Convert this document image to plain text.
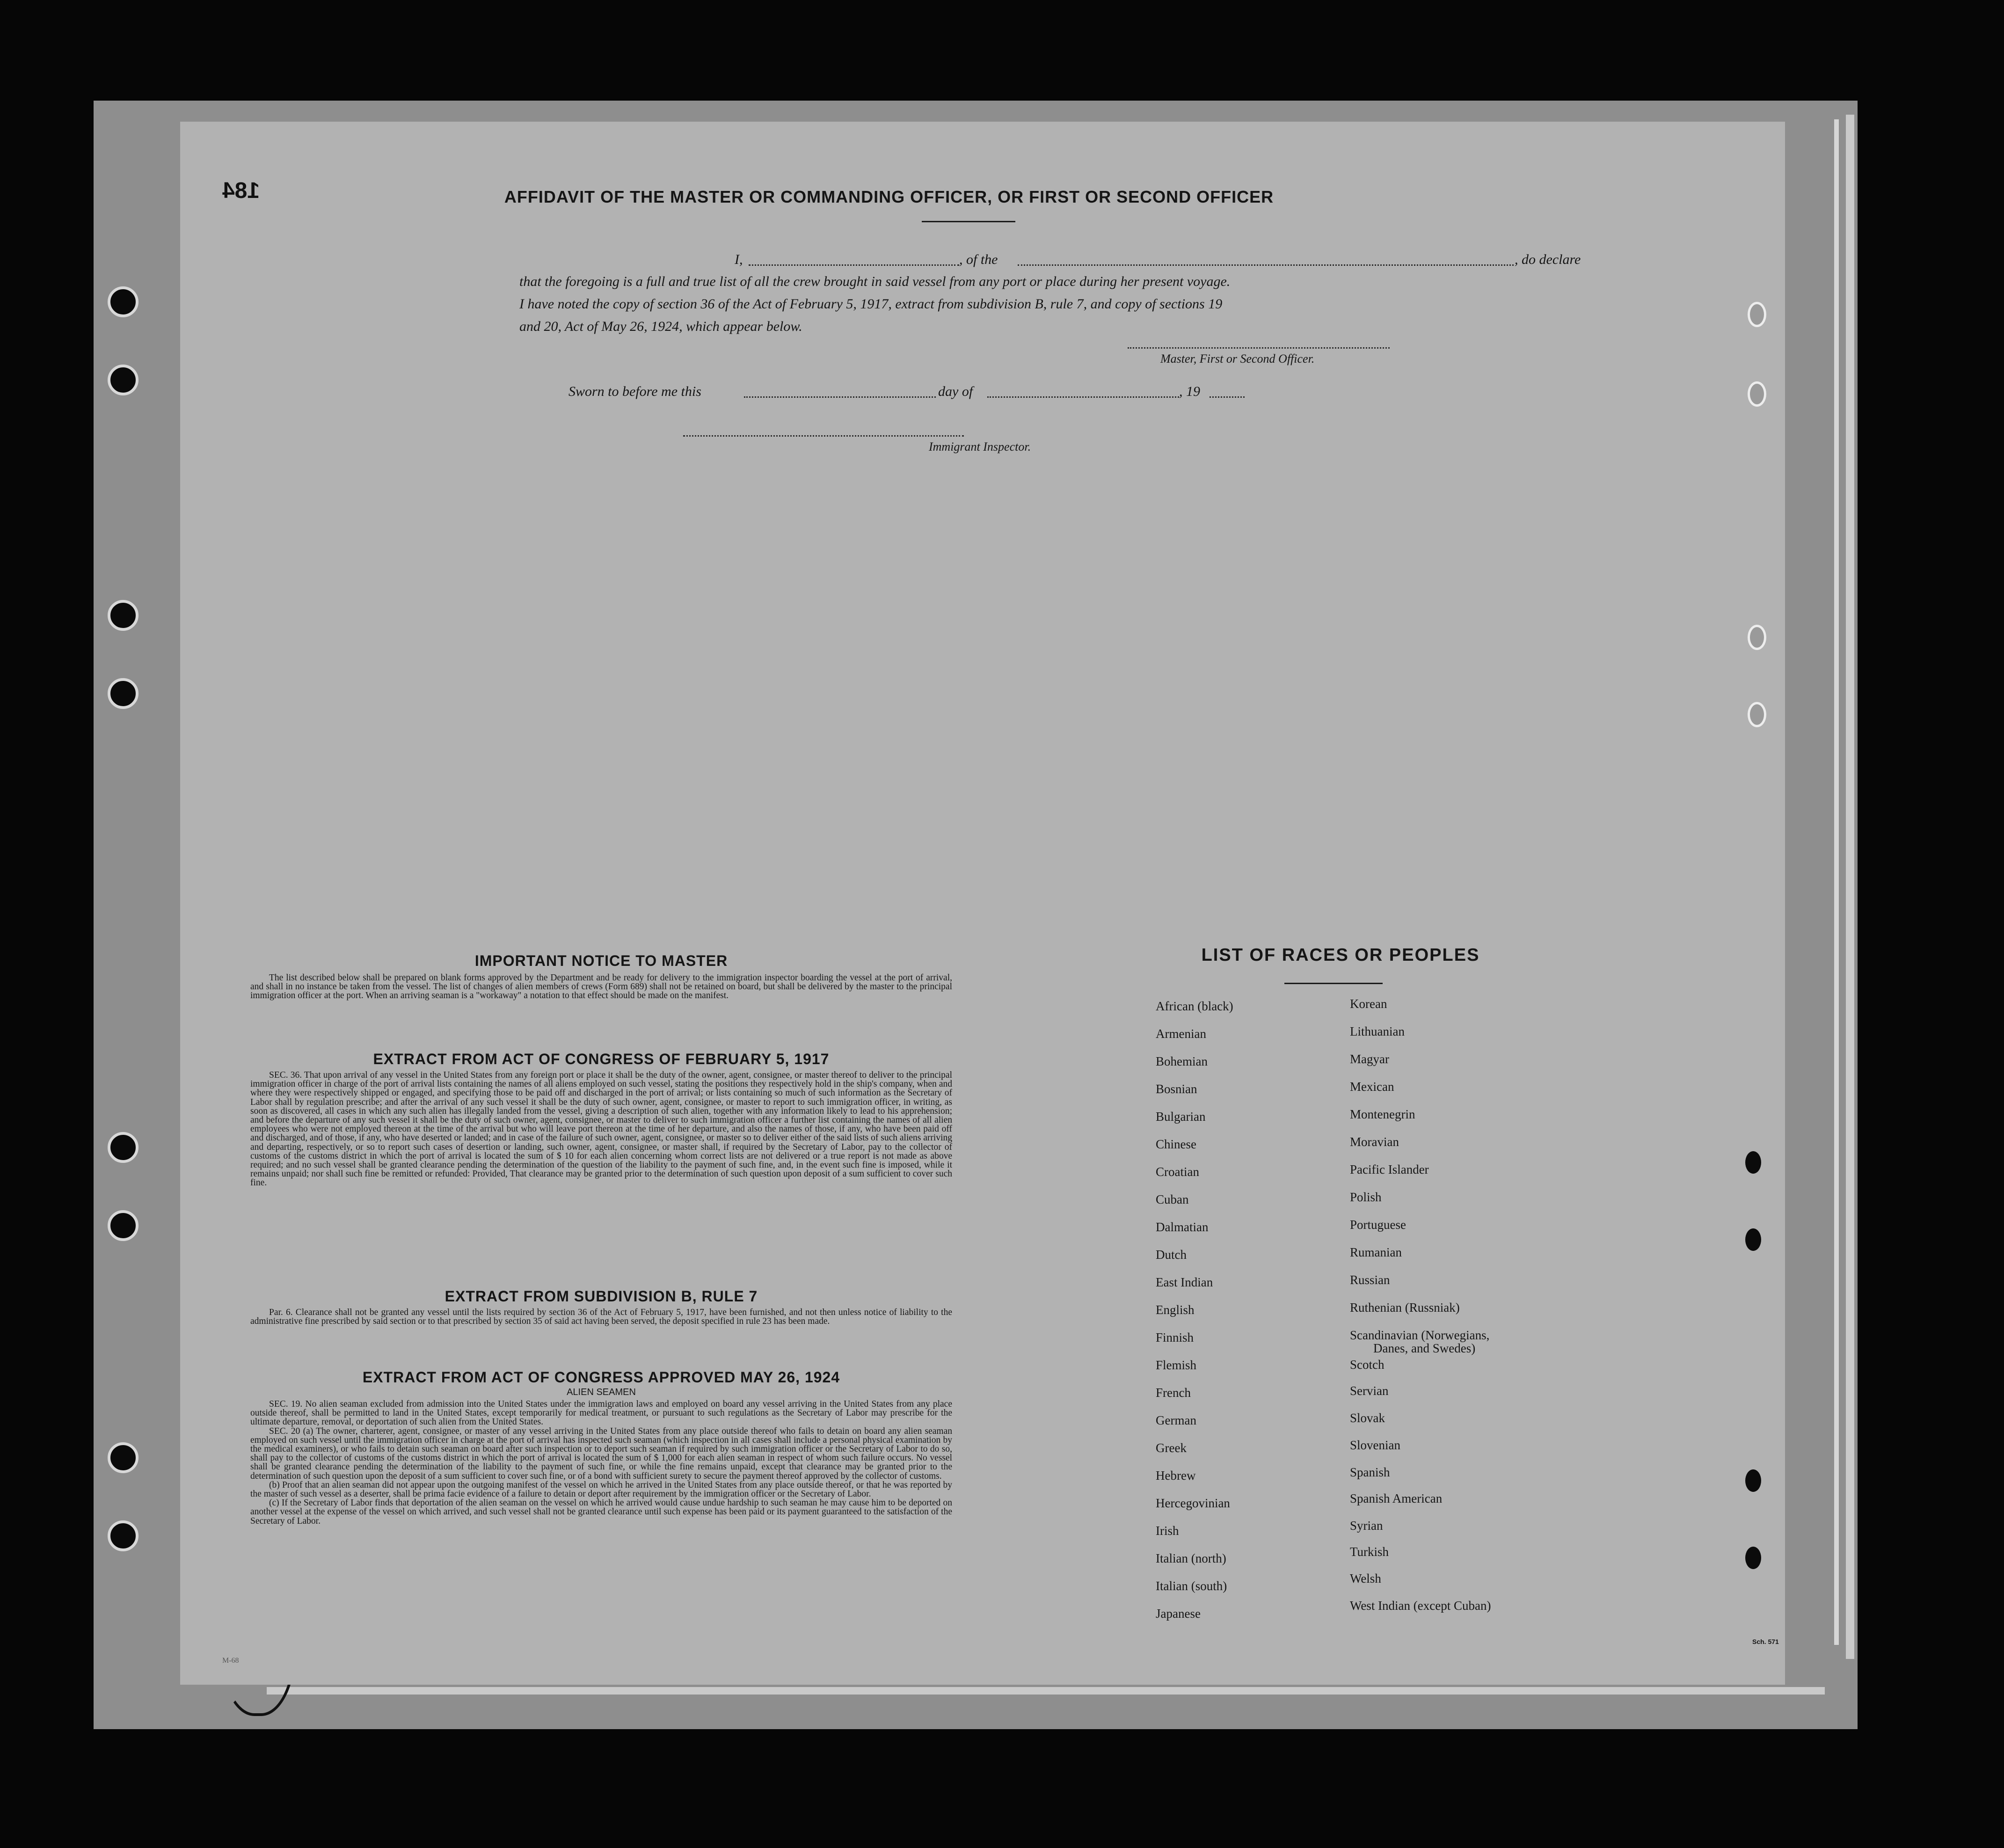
184	AFFIDAVIT OF THE MASTER OR COMMANDING OFFICER, OR FIRST OR SECOND OFFICER
I,	, of the	, do declare
that the foregoing is a full and true list of all the crew brought in said vessel from any port or place during her present voyage.
I have noted the copy of section 36 of the Act of February 5, 1917, extract from subdivision B, rule 7, and copy of sections 19
and 20, Act of May 26, 1924, which appear below.
Master, First or Second Officer.
Sworn to before me this	day of	, 19
Immigrant Inspector.
IMPORTANT NOTICE TO MASTER

The list described below shall be prepared on blank forms approved by the Department and be ready for delivery to the immigration inspector boarding the vessel at the port of arrival, and shall in no instance be taken from the vessel. The list of changes of alien members of crews (Form 689) shall not be retained on board, but shall be delivered by the master to the principal immigration officer at the port. When an arriving seaman is a "workaway" a notation to that effect should be made on the manifest.

EXTRACT FROM ACT OF CONGRESS OF FEBRUARY 5, 1917

SEC. 36. That upon arrival of any vessel in the United States from any foreign port or place it shall be the duty of the owner, agent, consignee, or master thereof to deliver to the principal immigration officer in charge of the port of arrival lists containing the names of all aliens employed on such vessel, stating the positions they respectively hold in the ship's company, when and where they were respectively shipped or engaged, and specifying those to be paid off and discharged in the port of arrival; or lists containing so much of such information as the Secretary of Labor shall by regulation prescribe; and after the arrival of any such vessel it shall be the duty of such owner, agent, consignee, or master to report to such immigration officer, in writing, as soon as discovered, all cases in which any such alien has illegally landed from the vessel, giving a description of such alien, together with any information likely to lead to his apprehension; and before the departure of any such vessel it shall be the duty of such owner, agent, consignee, or master to deliver to such immigration officer a further list containing the names of all alien employees who were not employed thereon at the time of the arrival but who will leave port thereon at the time of her departure, and also the names of those, if any, who have been paid off and discharged, and of those, if any, who have deserted or landed; and in case of the failure of such owner, agent, consignee, or master so to deliver either of the said lists of such aliens arriving and departing, respectively, or so to report such cases of desertion or landing, such owner, agent, consignee, or master shall, if required by the Secretary of Labor, pay to the collector of customs of the customs district in which the port of arrival is located the sum of $ 10 for each alien concerning whom correct lists are not delivered or a true report is not made as above required; and no such vessel shall be granted clearance pending the determination of the question of the liability to the payment of such fine, and, in the event such fine is imposed, while it remains unpaid; nor shall such fine be remitted or refunded: Provided, That clearance may be granted prior to the determination of such question upon deposit of a sum sufficient to cover such fine.

EXTRACT FROM SUBDIVISION B, RULE 7

Par. 6. Clearance shall not be granted any vessel until the lists required by section 36 of the Act of February 5, 1917, have been furnished, and not then unless notice of liability to the administrative fine prescribed by said section or to that prescribed by section 35 of said act having been served, the deposit specified in rule 23 has been made.

EXTRACT FROM ACT OF CONGRESS APPROVED MAY 26, 1924
ALIEN SEAMEN

SEC. 19. No alien seaman excluded from admission into the United States under the immigration laws and employed on board any vessel arriving in the United States from any place outside thereof, shall be permitted to land in the United States, except temporarily for medical treatment, or pursuant to such regulations as the Secretary of Labor may prescribe for the ultimate departure, removal, or deportation of such alien from the United States.

SEC. 20 (a) The owner, charterer, agent, consignee, or master of any vessel arriving in the United States from any place outside thereof who fails to detain on board any alien seaman employed on such vessel until the immigration officer in charge at the port of arrival has inspected such seaman (which inspection in all cases shall include a personal physical examination by the medical examiners), or who fails to detain such seaman on board after such inspection or to deport such seaman if required by such immigration officer or the Secretary of Labor to do so, shall pay to the collector of customs of the customs district in which the port of arrival is located the sum of $ 1,000 for each alien seaman in respect of whom such failure occurs. No vessel shall be granted clearance pending the determination of the liability to the payment of such fine, or while the fine remains unpaid, except that clearance may be granted prior to the determination of such question upon the deposit of a sum sufficient to cover such fine, or of a bond with sufficient surety to secure the payment thereof approved by the collector of customs.

(b) Proof that an alien seaman did not appear upon the outgoing manifest of the vessel on which he arrived in the United States from any place outside thereof, or that he was reported by the master of such vessel as a deserter, shall be prima facie evidence of a failure to detain or deport after requirement by the immigration officer or the Secretary of Labor.

(c) If the Secretary of Labor finds that deportation of the alien seaman on the vessel on which he arrived would cause undue hardship to such seaman he may cause him to be deported on another vessel at the expense of the vessel on which arrived, and such vessel shall not be granted clearance until such expense has been paid or its payment guaranteed to the satisfaction of the Secretary of Labor.

LIST OF RACES OR PEOPLES
African (black)
Armenian
Bohemian
Bosnian
Bulgarian
Chinese
Croatian
Cuban
Dalmatian
Dutch
East Indian
English
Finnish
Flemish
French
German
Greek
Hebrew
Hercegovinian
Irish
Italian (north)
Italian (south)
Japanese
Korean
Lithuanian
Magyar
Mexican
Montenegrin
Moravian
Pacific Islander
Polish
Portuguese
Rumanian
Russian
Ruthenian (Russniak)
Scandinavian (Norwegians,
Danes, and Swedes)
Scotch
Servian
Slovak
Slovenian
Spanish
Spanish American
Syrian
Turkish
Welsh
West Indian (except Cuban)
M-68
Sch. 571
